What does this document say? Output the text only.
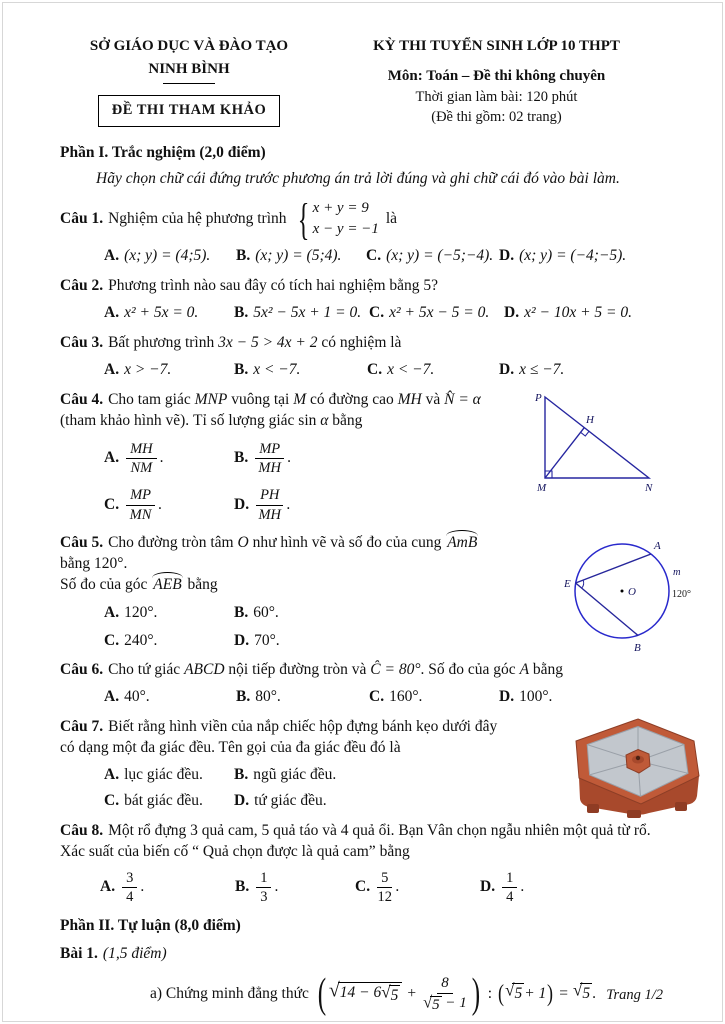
SỞ GIÁO DỤC VÀ ĐÀO TẠO
NINH BÌNH
ĐỀ THI THAM KHẢO
KỲ THI TUYỂN SINH LỚP 10 THPT
Môn: Toán – Đề thi không chuyên
Thời gian làm bài: 120 phút
(Đề thi gồm: 02 trang)
Phần I. Trắc nghiệm (2,0 điểm)
Hãy chọn chữ cái đứng trước phương án trả lời đúng và ghi chữ cái đó vào bài làm.
Câu 1. Nghiệm của hệ phương trình { x + y = 9
x − y = −1
là
A. (x; y) = (4;5). B. (x; y) = (5;4). C. (x; y) = (−5;−4). D. (x; y) = (−4;−5).
Câu 2. Phương trình nào sau đây có tích hai nghiệm bằng 5?
A. x² + 5x = 0. B. 5x² − 5x + 1 = 0. C. x² + 5x − 5 = 0. D. x² − 10x + 5 = 0.
Câu 3. Bất phương trình 3x − 5 > 4x + 2 có nghiệm là
A. x > −7.	B. x < −7.	C. x < −7.	D. x ≤ −7.
Câu 4. Cho tam giác MNP vuông tại M có đường cao MH và N̂ = α (tham khảo hình vẽ). Tỉ số lượng giác sin α bằng
A. $\frac{MH}{NM}$ .	B. $\frac{MP}{MH}$ .
C. $\frac{MP}{MN}$ .	D. $\frac{PH}{MH}$ .
P
M	N
H
Câu 5. Cho đường tròn tâm O như hình vẽ và số đo của cung AmB bằng 120°.
Số đo của góc AEB bằng
A. 120°.	B. 60°.
C. 240°.	D. 70°.
O
E
A
B
m
120°
Câu 6. Cho tứ giác ABCD nội tiếp đường tròn và Ĉ = 80°. Số đo của góc A bằng
A. 40°.	B. 80°.	C. 160°.	D. 100°.
Câu 7. Biết rằng hình viền của nắp chiếc hộp đựng bánh kẹo dưới đây có dạng một đa giác đều. Tên gọi của đa giác đều đó là
A. lục giác đều. B. ngũ giác đều.
C. bát giác đều. D. tứ giác đều.
Câu 8. Một rổ đựng 3 quả cam, 5 quả táo và 4 quả ổi. Bạn Vân chọn ngẫu nhiên một quả từ rổ. Xác suất của biến cố “ Quả chọn được là quả cam” bằng
A. $\frac{3}{4}$ .	B. $\frac{1}{3}$ .	C. $\frac{5}{12}$ .	D. $\frac{1}{4}$ .
Phần II. Tự luận (8,0 điểm)
Bài 1. (1,5 điểm)
a) Chứng minh đẳng thức ( √ 14 − 6 √ $5 + \frac{8}{√ 5 - 1}$ ) : ( √ 5 + 1 ) = √ 5 . Trang 1/2
